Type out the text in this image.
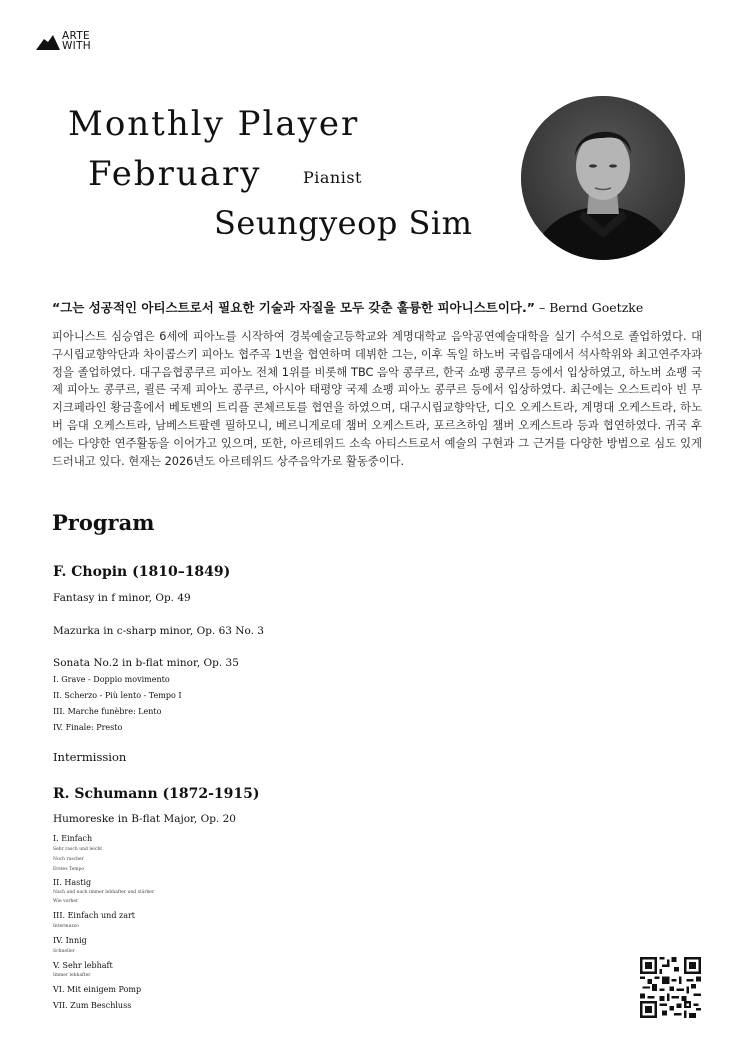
ARTE
WITH
Monthly Player
February	Pianist
Seungyeop Sim
“그는 성공적인 아티스트로서 필요한 기술과 자질을 모두 갖춘 훌륭한 피아니스트이다.” – Bernd Goetzke
피아니스트 심승엽은 6세에 피아노를 시작하여 경북예술고등학교와 계명대학교 음악공연예술대학을 실기 수석으로 졸업하였다. 대구시립교향악단과 차이콥스키 피아노 협주곡 1번을 협연하며 데뷔한 그는, 이후 독일 하노버 국립음대에서 석사학위와 최고연주자과정을 졸업하였다. 대구음협콩쿠르 피아노 전체 1위를 비롯해 TBC 음악 콩쿠르, 한국 쇼팽 콩쿠르 등에서 입상하였고, 하노버 쇼팽 국제 피아노 콩쿠르, 쾰른 국제 피아노 콩쿠르, 아시아 태평양 국제 쇼팽 피아노 콩쿠르 등에서 입상하였다. 최근에는 오스트리아 빈 무지크페라인 황금홀에서 베토벤의 트리플 콘체르토를 협연을 하였으며, 대구시립교향악단, 디오 오케스트라, 계명대 오케스트라, 하노버 음대 오케스트라, 남베스트팔렌 필하모니, 베르니게로데 챔버 오케스트라, 포르츠하임 챔버 오케스트라 등과 협연하였다. 귀국 후에는 다양한 연주활동을 이어가고 있으며, 또한, 아르테위드 소속 아티스트로서 예술의 구현과 그 근거를 다양한 방법으로 심도 있게 드러내고 있다. 현재는 2026년도 아르테위드 상주음악가로 활동중이다.
Program
F. Chopin (1810–1849)
Fantasy in f minor, Op. 49
Mazurka in c-sharp minor, Op. 63 No. 3
Sonata No.2 in b-flat minor, Op. 35
I. Grave - Doppio movimento
II. Scherzo - Più lento - Tempo I
III. Marche funèbre: Lento
IV. Finale: Presto
Intermission
R. Schumann (1872-1915)
Humoreske in B-flat Major, Op. 20
I. Einfach
Sehr rasch und leicht
Noch rascher
Erstes Tempo
II. Hastig
Nach und nach immer lebhafter und stärker
Wie vorher
III. Einfach und zart
Intermezzo
IV. Innig
Schneller
V. Sehr lebhaft
Immer lebhafter
VI. Mit einigem Pomp
VII. Zum Beschluss
